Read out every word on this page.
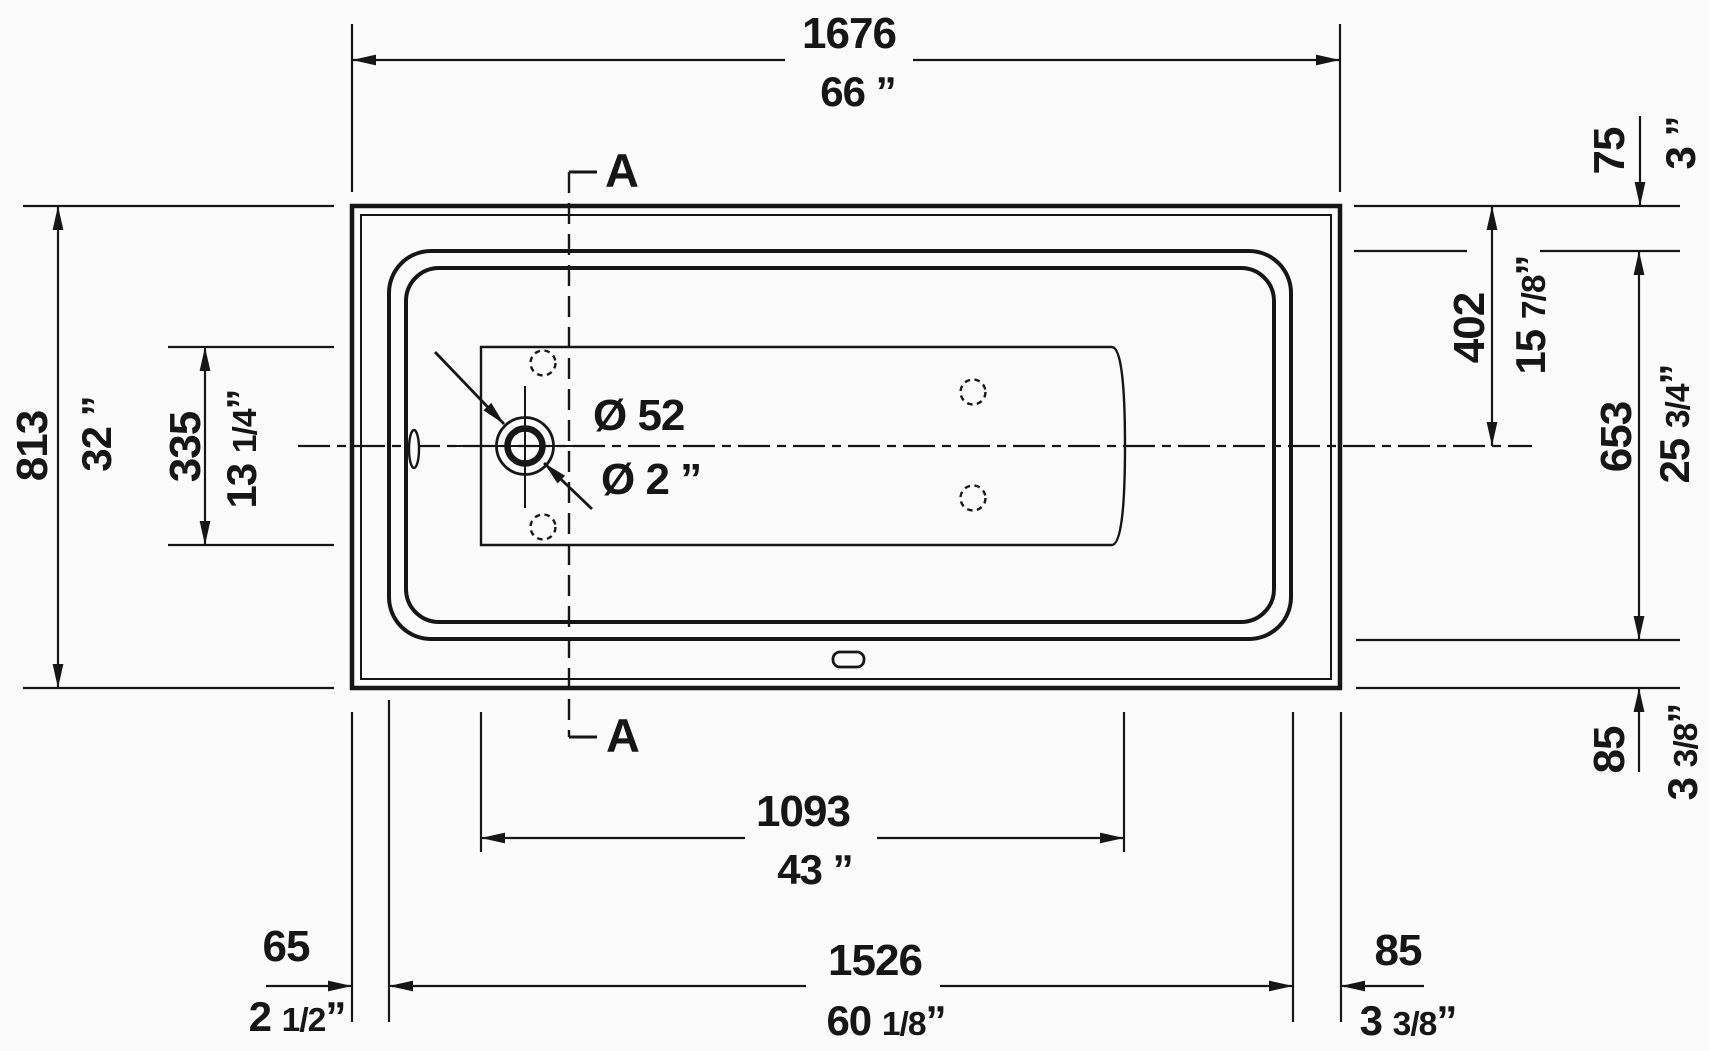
A
A
Ø 52
Ø 2 ”
1676
66 ”
813 32 ” 335 13 1/4”
75 3 ”
402 15 7/8”
653 25 3/4”
85
3 3/8”
1093
43 ”
1526
60 1/8”
65
2 1/2”
85
3 3/8”
